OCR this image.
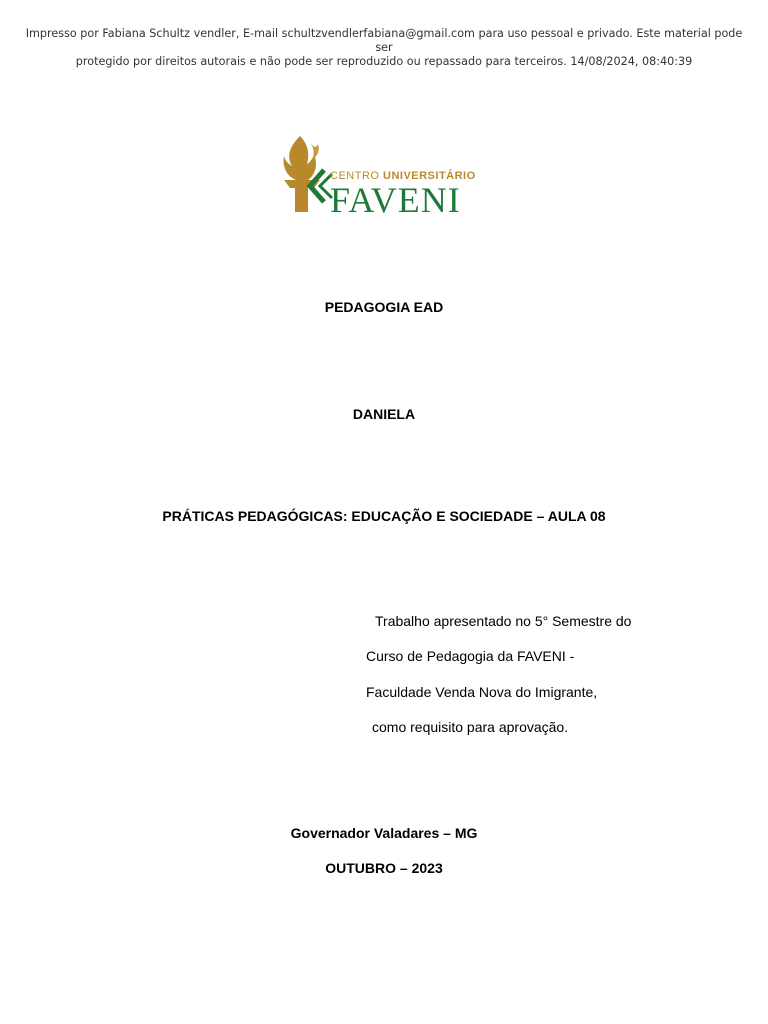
Impresso por Fabiana Schultz vendler, E-mail schultzvendlerfabiana@gmail.com para uso pessoal e privado. Este material pode ser
protegido por direitos autorais e não pode ser reproduzido ou repassado para terceiros. 14/08/2024, 08:40:39
CENTRO UNIVERSITÁRIO
FAVENI
PEDAGOGIA EAD
DANIELA
PRÁTICAS PEDAGÓGICAS: EDUCAÇÃO E SOCIEDADE – AULA 08

Trabalho apresentado no 5° Semestre do

Curso de Pedagogia da FAVENI -

Faculdade Venda Nova do Imigrante,

como requisito para aprovação.

Governador Valadares – MG
OUTUBRO – 2023
